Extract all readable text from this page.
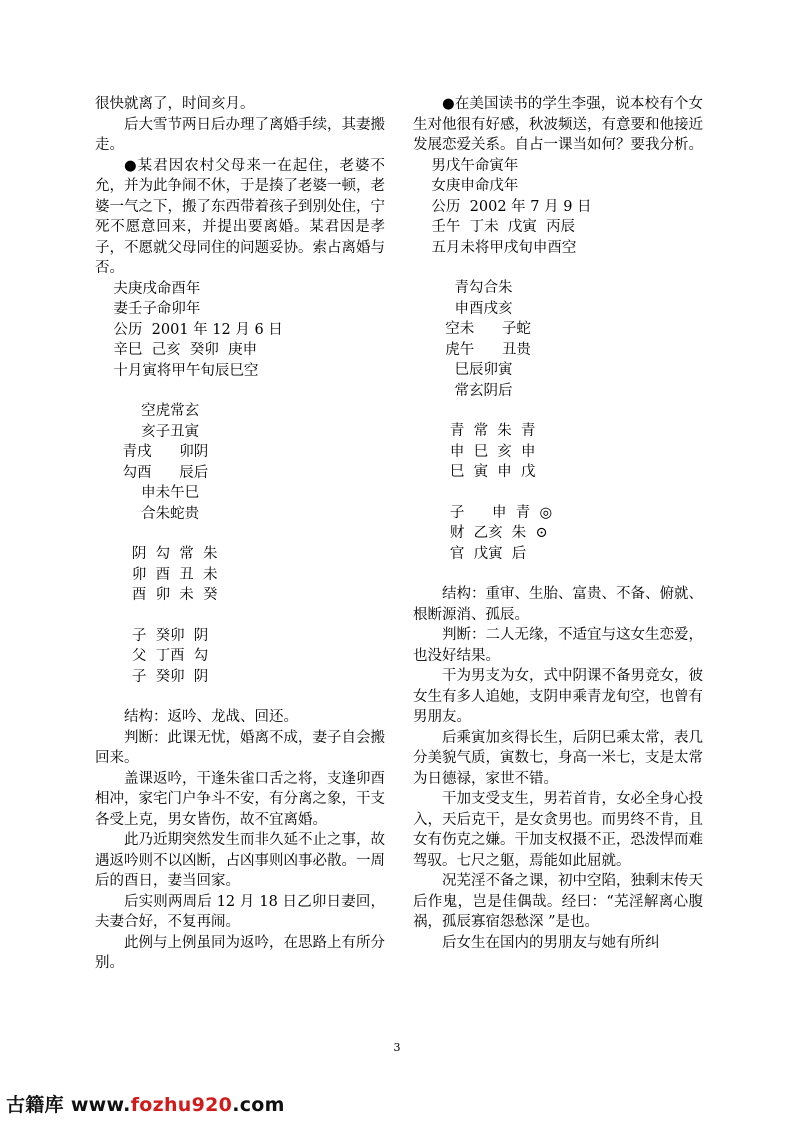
很快就离了，时间亥月。
后大雪节两日后办理了离婚手续，其妻搬走。
●某君因农村父母来一在起住，老婆不允，并为此争闹不休，于是揍了老婆一顿，老婆一气之下，搬了东西带着孩子到别处住，宁死不愿意回来，并提出要离婚。某君因是孝子，不愿就父母同住的问题妥协。索占离婚与否。
夫庚戌命酉年
妻壬子命卯年
公历  2001 年 12 月 6 日
辛巳  己亥  癸卯  庚申
十月寅将甲午旬辰巳空
空虎常玄
亥子丑寅
青戌      卯阴
勾酉      辰后
申未午巳
合朱蛇贵
阴  勾  常  朱
卯  酉  丑  未
酉  卯  未  癸
子  癸卯  阴
父  丁酉  勾
子  癸卯  阴
结构：返吟、龙战、回还。
判断：此课无忧，婚离不成，妻子自会搬回来。
盖课返吟，干逢朱雀口舌之将，支逢卯酉相冲，家宅门户争斗不安，有分离之象，干支各受上克，男女皆伤，故不宜离婚。
此乃近期突然发生而非久延不止之事，故遇返吟则不以凶断，占凶事则凶事必散。一周后的酉日，妻当回家。
后实则两周后 12 月 18 日乙卯日妻回，夫妻合好，不复再闹。
此例与上例虽同为返吟，在思路上有所分别。
●在美国读书的学生李强，说本校有个女生对他很有好感，秋波频送，有意要和他接近发展恋爱关系。自占一课当如何？要我分析。
男戊午命寅年
女庚申命戊年
公历  2002 年 7 月 9 日
壬午  丁未  戊寅  丙辰
五月未将甲戌旬申酉空
青勾合朱
申酉戌亥
空未      子蛇
虎午      丑贵
巳辰卯寅
常玄阴后
青  常  朱  青
申  巳  亥  申
巳  寅  申  戊
子      申  青  ◎
财  乙亥  朱  ⊙
官  戊寅  后
结构：重审、生胎、富贵、不备、俯就、根断源消、孤辰。
判断：二人无缘，不适宜与这女生恋爱，也没好结果。
干为男支为女，式中阴课不备男竞女，彼女生有多人追她，支阴申乘青龙旬空，也曾有男朋友。
后乘寅加亥得长生，后阴巳乘太常，表几分美貌气质，寅数七，身高一米七，支是太常为日德禄，家世不错。
干加支受支生，男若首肯，女必全身心投入，天后克干，是女贪男也。而男终不肯，且女有伤克之嫌。干加支权摄不正，恐泼悍而难驾驭。七尺之躯，焉能如此屈就。
况芜淫不备之课，初中空陷，独剩末传天后作鬼，岂是佳偶哉。经曰：“芜淫解离心腹祸，孤辰寡宿怨愁深 ”是也。
后女生在国内的男朋友与她有所纠
3
古籍库 www.fozhu920.com
